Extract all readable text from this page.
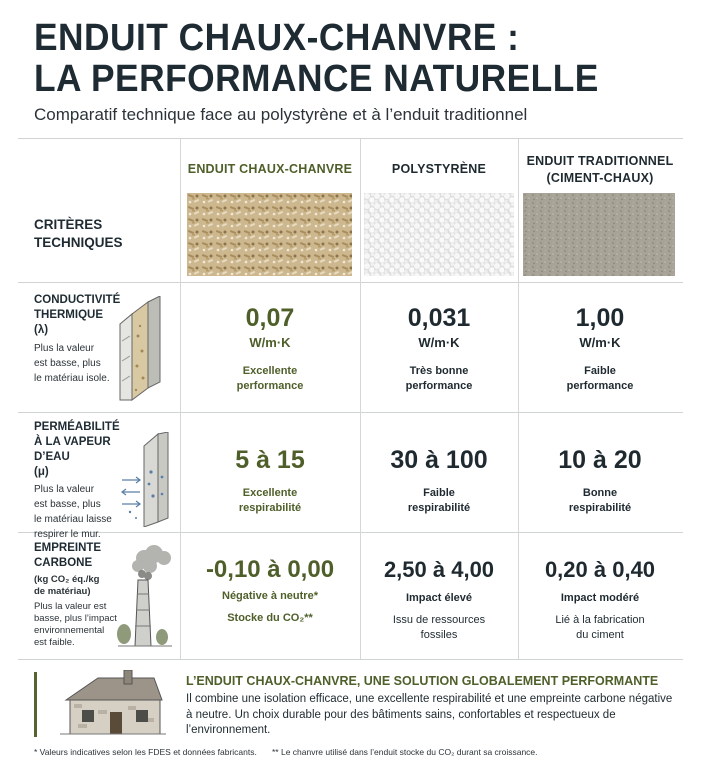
ENDUIT CHAUX-CHANVRE :
LA PERFORMANCE NATURELLE
Comparatif technique face au polystyrène et à l’enduit traditionnel
ENDUIT CHAUX-CHANVRE	POLYSTYRÈNE
ENDUIT TRADITIONNEL
(CIMENT-CHAUX)
CRITÈRES
TECHNIQUES
CONDUCTIVITÉ
THERMIQUE
(λ)
Plus la valeur
est basse, plus
le matériau isole.
0,07
W/m·K
Excellente
performance
0,031
W/m·K
Très bonne
performance
1,00
W/m·K
Faible
performance
PERMÉABILITÉ
À LA VAPEUR D’EAU
(μ)
Plus la valeur
est basse, plus
le matériau laisse
respirer le mur.
5 à 15
Excellente
respirabilité
30 à 100
Faible
respirabilité
10 à 20
Bonne
respirabilité
EMPREINTE
CARBONE
(kg CO₂ éq./kg
de matériau)
Plus la valeur est
basse, plus l’impact
environnemental
est faible.
-0,10 à 0,00
Négative à neutre*
Stocke du CO₂**
2,50 à 4,00
Impact élevé
Issu de ressources
fossiles
0,20 à 0,40
Impact modéré
Lié à la fabrication
du ciment
L’ENDUIT CHAUX-CHANVRE, UNE SOLUTION GLOBALEMENT PERFORMANTE
Il combine une isolation efficace, une excellente respirabilité et une empreinte carbone négative à neutre. Un choix durable pour des bâtiments sains, confortables et respectueux de l’environnement.
* Valeurs indicatives selon les FDES et données fabricants. ** Le chanvre utilisé dans l’enduit stocke du CO₂ durant sa croissance.
